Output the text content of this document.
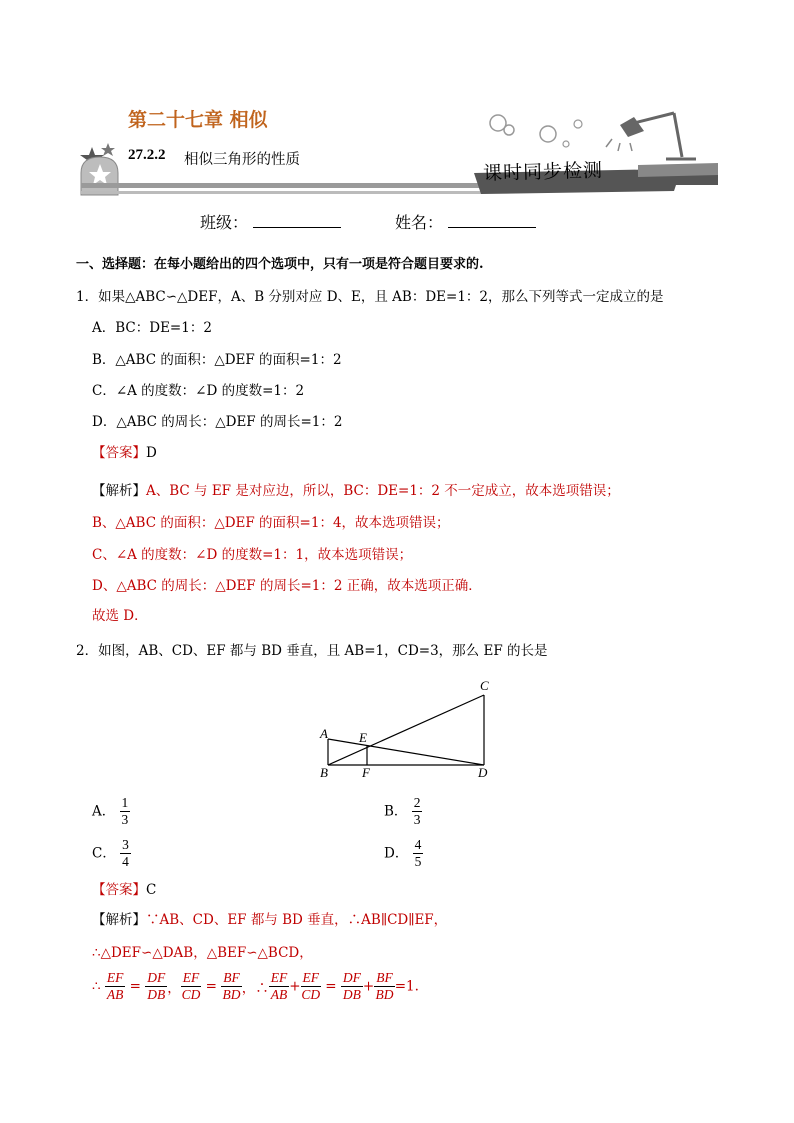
第二十七章 相似
27.2.2 相似三角形的性质	课时同步检测
班级：	姓名：
一、选择题：在每小题给出的四个选项中，只有一项是符合题目要求的.
1．如果△ABC∽△DEF，A、B 分别对应 D、E，且 AB：DE=1：2，那么下列等式一定成立的是
A．BC：DE=1：2
B．△ABC 的面积：△DEF 的面积=1：2
C．∠A 的度数：∠D 的度数=1：2
D．△ABC 的周长：△DEF 的周长=1：2
【答案】D
【解析】A、BC 与 EF 是对应边，所以，BC：DE=1：2 不一定成立，故本选项错误；
B、△ABC 的面积：△DEF 的面积=1：4，故本选项错误；
C、∠A 的度数：∠D 的度数=1：1，故本选项错误；
D、△ABC 的周长：△DEF 的周长=1：2 正确，故本选项正确．
故选 D．
2．如图，AB、CD、EF 都与 BD 垂直，且 AB=1，CD=3，那么 EF 的长是
A
B
C
D
E
F
A． $\frac{1}{3}$	B． $\frac{2}{3}$
C． $\frac{3}{4}$	D． $\frac{4}{5}$
【答案】C
【解析】∵AB、CD、EF 都与 BD 垂直，∴AB∥CD∥EF，
∴△DEF∽△DAB，△BEF∽△BCD，
∴ $\frac{EF}{AB} = \frac{DF}{DB}$ ， $\frac{EF}{CD} = \frac{BF}{BD}$ ，∴ $\frac{EF}{AB} + \frac{EF}{CD} = \frac{DF}{DB} + \frac{BF}{BD} =1$.
